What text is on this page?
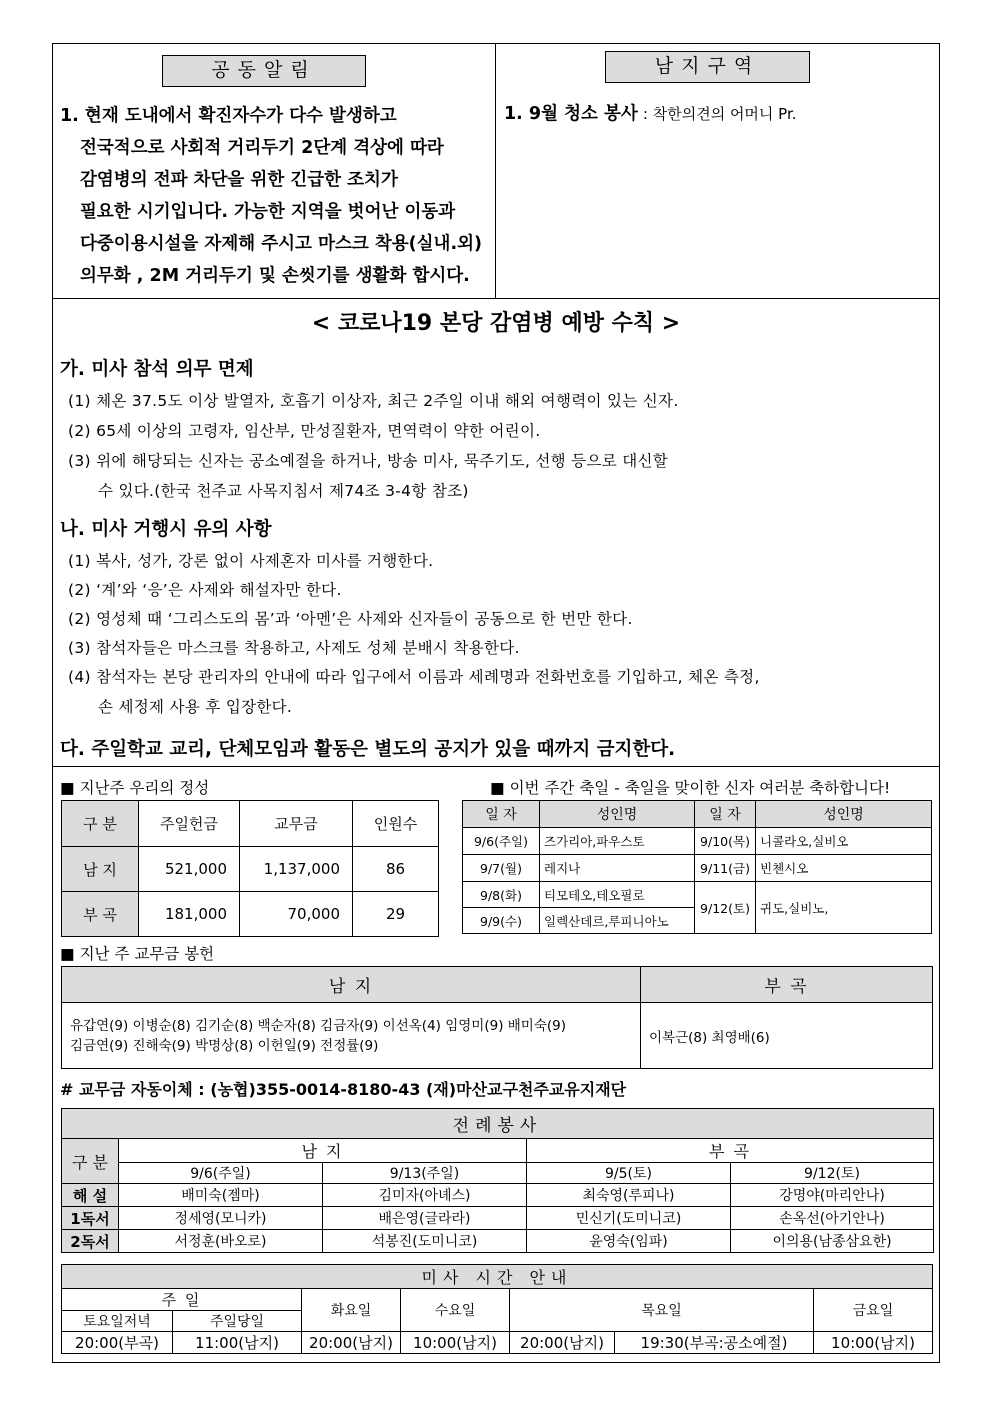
공동알림
1. 현재 도내에서 확진자수가 다수 발생하고
전국적으로 사회적 거리두기 2단계 격상에 따라
감염병의 전파 차단을 위한 긴급한 조치가
필요한 시기입니다. 가능한 지역을 벗어난 이동과
다중이용시설을 자제해 주시고 마스크 착용(실내.외)
의무화 , 2M 거리두기 및 손씻기를 생활화 합시다.
남지구역
1. 9월 청소 봉사 : 착한의견의 어머니 Pr.
< 코로나19 본당 감염병 예방 수칙 >
가. 미사 참석 의무 면제
(1) 체온 37.5도 이상 발열자, 호흡기 이상자, 최근 2주일 이내 해외 여행력이 있는 신자.
(2) 65세 이상의 고령자, 임산부, 만성질환자, 면역력이 약한 어린이.
(3) 위에 해당되는 신자는 공소예절을 하거나, 방송 미사, 묵주기도, 선행 등으로 대신할
수 있다.(한국 천주교 사목지침서 제74조 3-4항 참조)
나. 미사 거행시 유의 사항
(1) 복사, 성가, 강론 없이 사제혼자 미사를 거행한다.
(2) ‘계’와 ‘응’은 사제와 해설자만 한다.
(2) 영성체 때 ‘그리스도의 몸’과 ‘아멘’은 사제와 신자들이 공동으로 한 번만 한다.
(3) 참석자들은 마스크를 착용하고, 사제도 성체 분배시 착용한다.
(4) 참석자는 본당 관리자의 안내에 따라 입구에서 이름과 세례명과 전화번호를 기입하고, 체온 측정,
손 세정제 사용 후 입장한다.
다. 주일학교 교리, 단체모임과 활동은 별도의 공지가 있을 때까지 금지한다.
■ 지난주 우리의 정성
구 분	주일헌금	교무금	인원수
남 지	521,000	1,137,000	86
부 곡	181,000	70,000	29
■ 이번 주간 축일 - 축일을 맞이한 신자 여러분 축하합니다!
일 자	성인명	일 자	성인명
9/6(주일)	즈가리아,파우스토	9/10(목)	니콜라오,실비오
9/7(월)	레지나	9/11(금)	빈첸시오
9/8(화)	티모테오,테오필로	9/12(토)	귀도,실비노,
9/9(수)	일렉산데르,루피니아노		
■ 지난 주 교무금 봉헌
남 지	부 곡

유갑연(9) 이병순(8) 김기순(8) 백순자(8) 김금자(9) 이선옥(4) 임영미(9) 배미숙(9)
김금연(9) 진해숙(9) 박명상(8) 이헌일(9) 전정률(9)	이복근(8) 최영배(6)
# 교무금 자동이체 : (농협)355-0014-8180-43 (재)마산교구천주교유지재단
전례봉사				
구 분	남 지		부 곡	
	9/6(주일)	9/13(주일)	9/5(토)	9/12(토)
해 설	배미숙(젬마)	김미자(아녜스)	최숙영(루피나)	강명야(마리안나)
1독서	정세영(모니카)	배은영(글라라)	민신기(도미니코)	손옥선(아기안나)
2독서	서정훈(바오로)	석봉진(도미니코)	윤영숙(임파)	이의용(남종삼요한)
미사 시간 안내						
주 일		화요일	수요일	목요일		금요일
토요일저녁	주일당일					
20:00(부곡)	11:00(남지)	20:00(남지)	10:00(남지)	20:00(남지)	19:30(부곡:공소예절)	10:00(남지)
